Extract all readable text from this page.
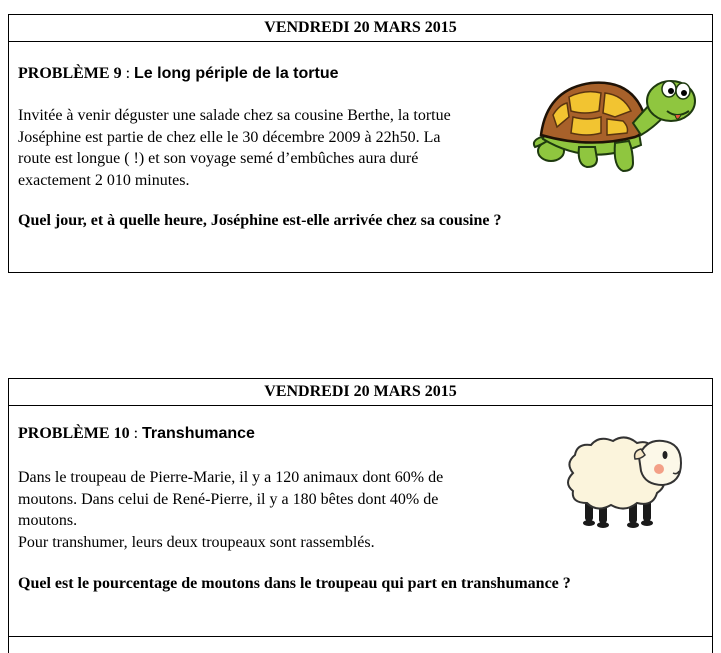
VENDREDI 20 MARS 2015
PROBLÈME 9 : Le long périple de la tortue
Invitée à venir déguster une salade chez sa cousine Berthe, la tortue
Joséphine est partie de chez elle le 30 décembre 2009 à 22h50. La
route est longue ( !) et son voyage semé d’embûches aura duré
exactement 2 010 minutes.
Quel jour, et à quelle heure, Joséphine est-elle arrivée chez sa cousine ?
VENDREDI 20 MARS 2015
PROBLÈME 10 : Transhumance
Dans le troupeau de Pierre-Marie, il y a 120 animaux dont 60% de
moutons. Dans celui de René-Pierre, il y a 180 bêtes dont 40% de
moutons.
Pour transhumer, leurs deux troupeaux sont rassemblés.
Quel est le pourcentage de moutons dans le troupeau qui part en transhumance ?
